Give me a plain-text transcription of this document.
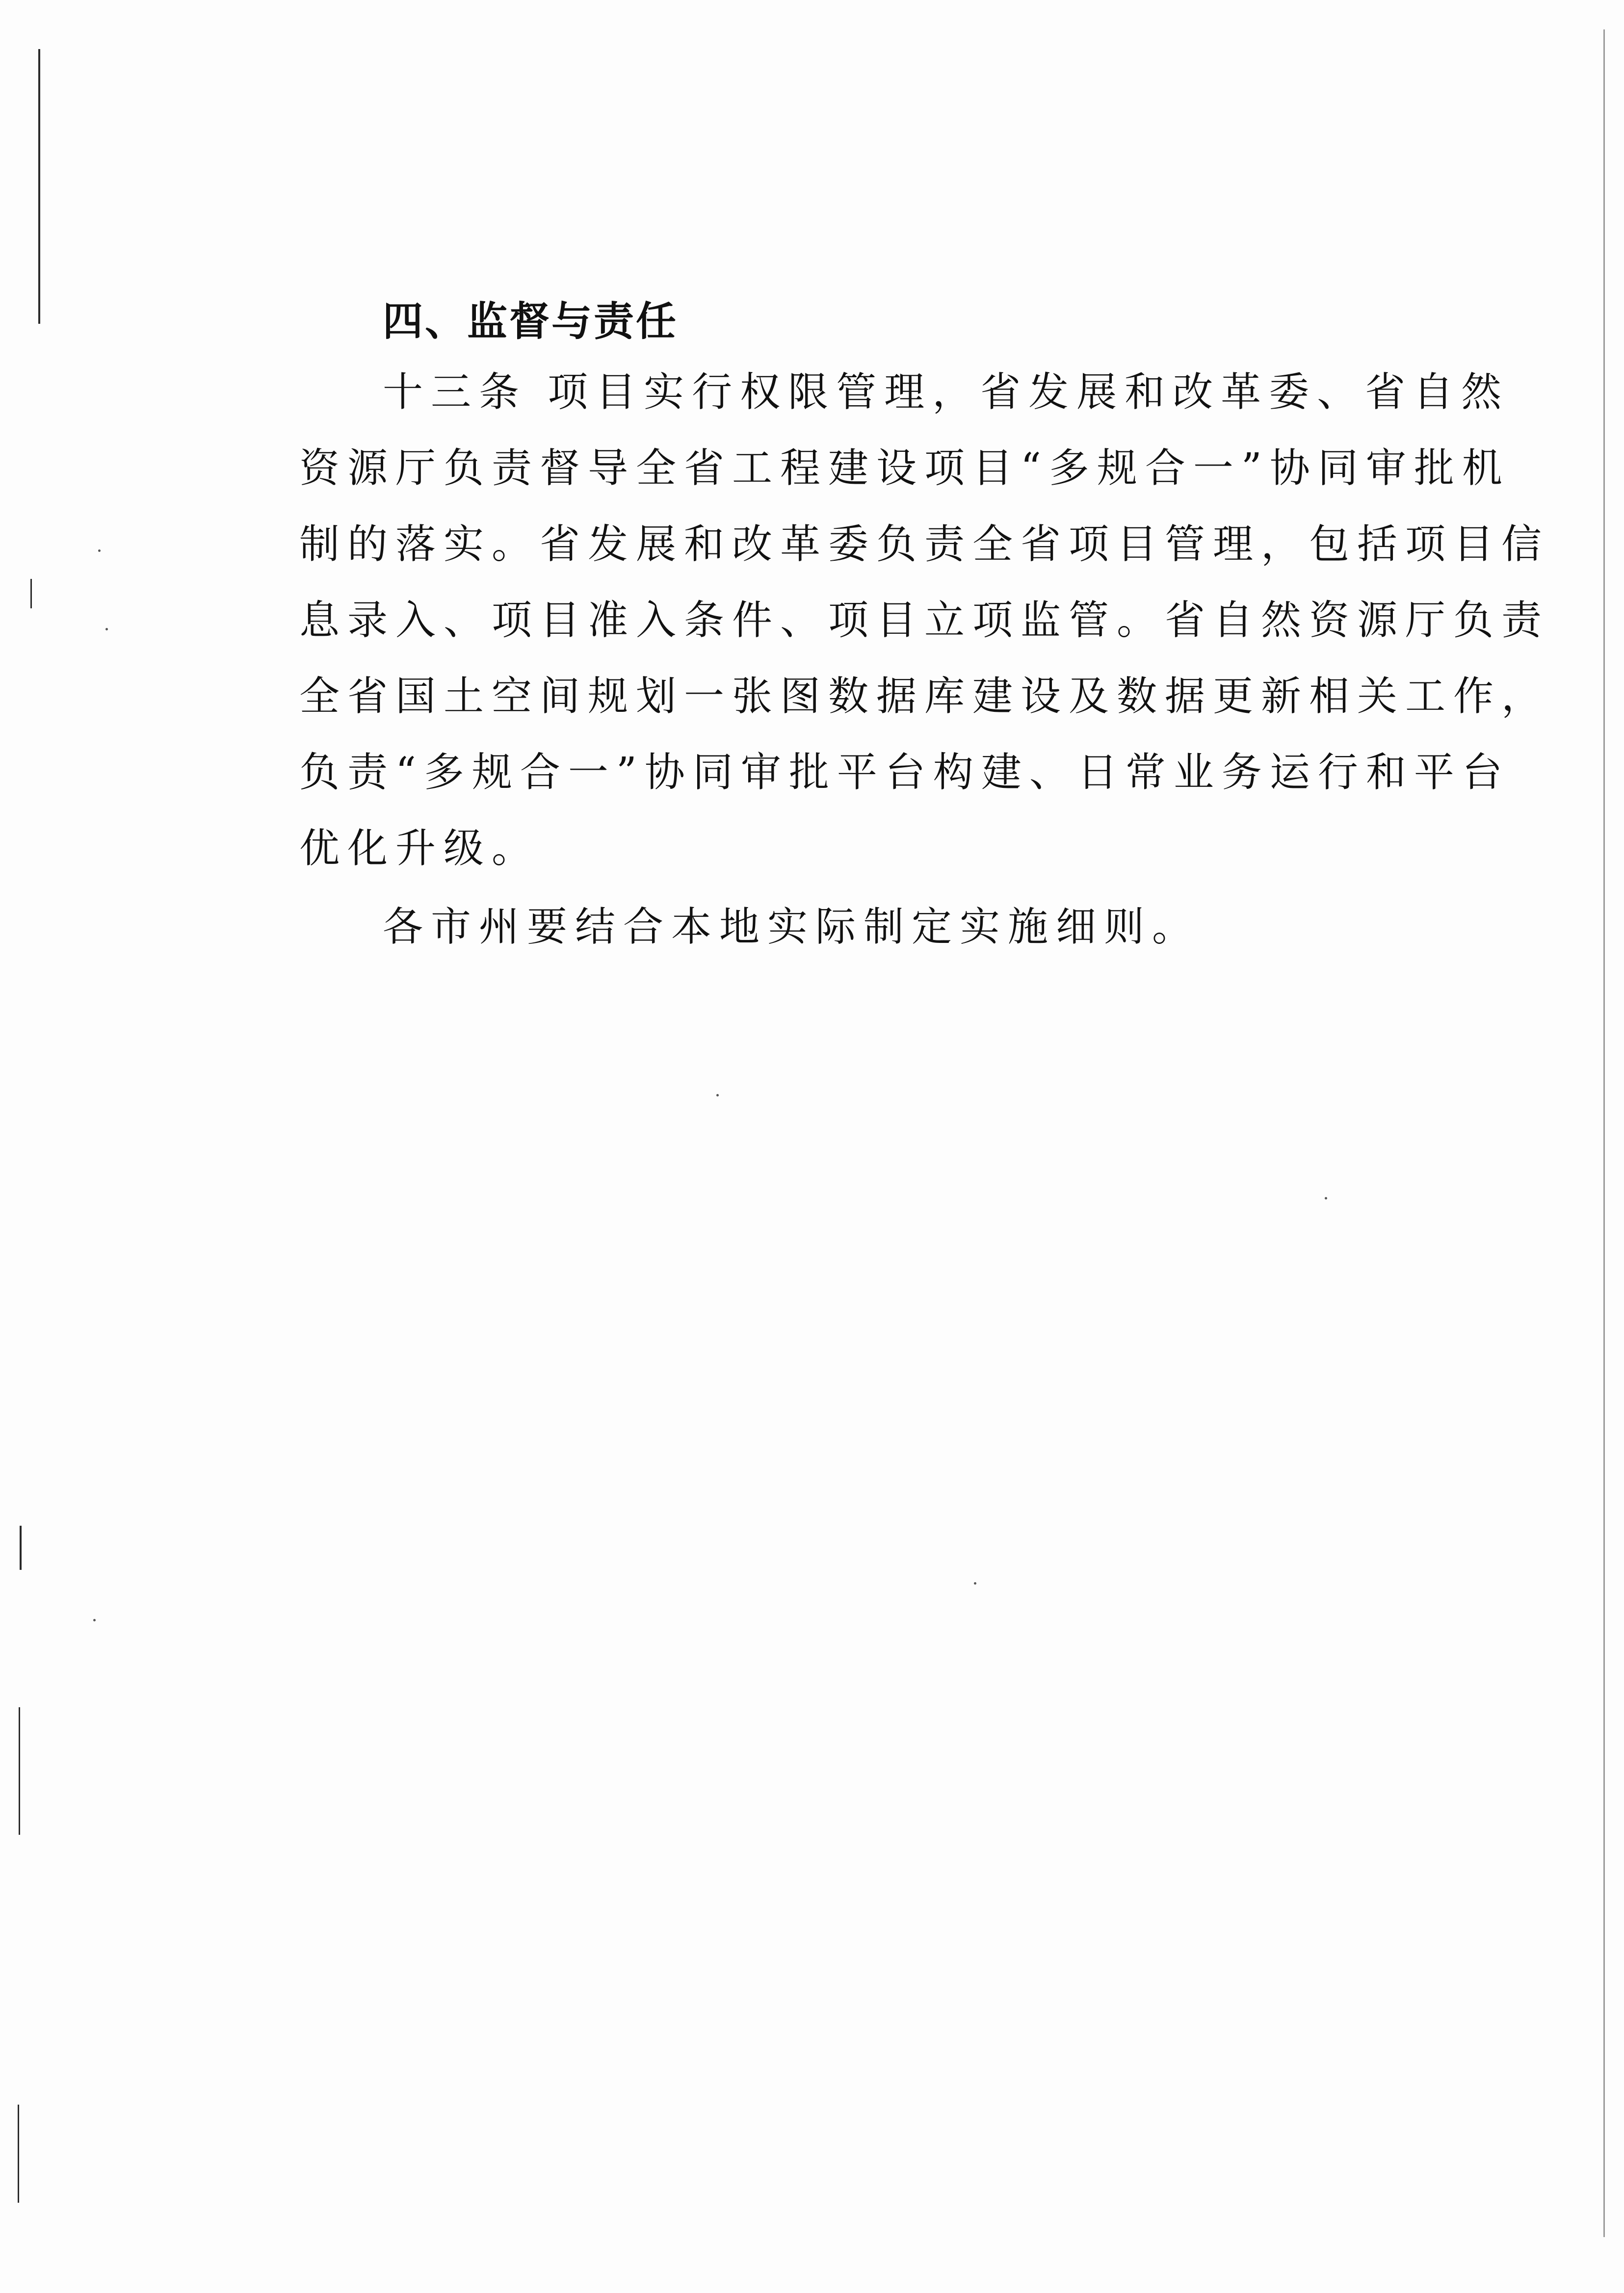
四、监督与责任
十三条 项目实行权限管理，省发展和改革委、省自然
资源厅负责督导全省工程建设项目“多规合一”协同审批机
制的落实。省发展和改革委负责全省项目管理，包括项目信
息录入、项目准入条件、项目立项监管。省自然资源厅负责
全省国土空间规划一张图数据库建设及数据更新相关工作，
负责“多规合一”协同审批平台构建、日常业务运行和平台
优化升级。
各市州要结合本地实际制定实施细则。
